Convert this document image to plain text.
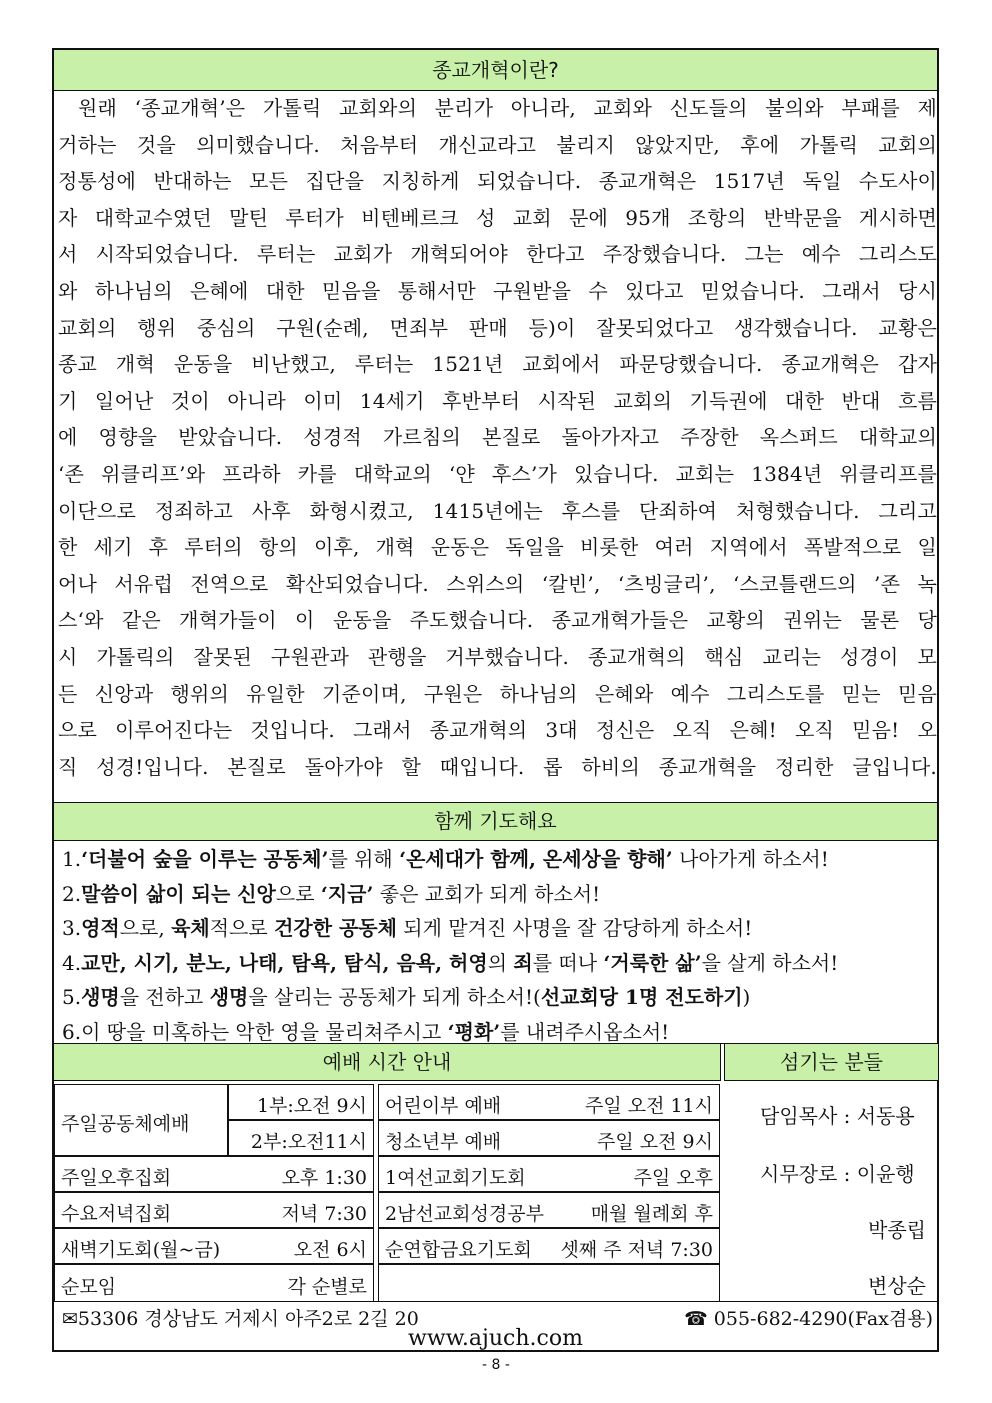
종교개혁이란?
원래 ‘종교개혁’은 가톨릭 교회와의 분리가 아니라, 교회와 신도들의 불의와 부패를 제
거하는 것을 의미했습니다. 처음부터 개신교라고 불리지 않았지만, 후에 가톨릭 교회의
정통성에 반대하는 모든 집단을 지칭하게 되었습니다. 종교개혁은 1517년 독일 수도사이
자 대학교수였던 말틴 루터가 비텐베르크 성 교회 문에 95개 조항의 반박문을 게시하면
서 시작되었습니다. 루터는 교회가 개혁되어야 한다고 주장했습니다. 그는 예수 그리스도
와 하나님의 은혜에 대한 믿음을 통해서만 구원받을 수 있다고 믿었습니다. 그래서 당시
교회의 행위 중심의 구원(순례, 면죄부 판매 등)이 잘못되었다고 생각했습니다. 교황은
종교 개혁 운동을 비난했고, 루터는 1521년 교회에서 파문당했습니다. 종교개혁은 갑자
기 일어난 것이 아니라 이미 14세기 후반부터 시작된 교회의 기득권에 대한 반대 흐름
에 영향을 받았습니다. 성경적 가르침의 본질로 돌아가자고 주장한 옥스퍼드 대학교의
‘존 위클리프’와 프라하 카를 대학교의 ‘얀 후스’가 있습니다. 교회는 1384년 위클리프를
이단으로 정죄하고 사후 화형시켰고, 1415년에는 후스를 단죄하여 처형했습니다. 그리고
한 세기 후 루터의 항의 이후, 개혁 운동은 독일을 비롯한 여러 지역에서 폭발적으로 일
어나 서유럽 전역으로 확산되었습니다. 스위스의 ‘칼빈’, ‘츠빙글리’, ‘스코틀랜드의 ’존 녹
스‘와 같은 개혁가들이 이 운동을 주도했습니다. 종교개혁가들은 교황의 권위는 물론 당
시 가톨릭의 잘못된 구원관과 관행을 거부했습니다. 종교개혁의 핵심 교리는 성경이 모
든 신앙과 행위의 유일한 기준이며, 구원은 하나님의 은혜와 예수 그리스도를 믿는 믿음
으로 이루어진다는 것입니다. 그래서 종교개혁의 3대 정신은 오직 은혜! 오직 믿음! 오
직 성경!입니다. 본질로 돌아가야 할 때입니다. 롭 하비의 종교개혁을 정리한 글입니다.
함께 기도해요
1.‘더불어 숲을 이루는 공동체’를 위해 ‘온세대가 함께, 온세상을 향해’ 나아가게 하소서!
2.말씀이 삶이 되는 신앙으로 ‘지금’ 좋은 교회가 되게 하소서!
3.영적으로, 육체적으로 건강한 공동체 되게 맡겨진 사명을 잘 감당하게 하소서!
4.교만, 시기, 분노, 나태, 탐욕, 탐식, 음욕, 허영의 죄를 떠나 ‘거룩한 삶’을 살게 하소서!
5.생명을 전하고 생명을 살리는 공동체가 되게 하소서!(선교회당 1명 전도하기)
6.이 땅을 미혹하는 악한 영을 물리쳐주시고 ‘평화’를 내려주시옵소서!
예배 시간 안내	섬기는 분들
주일공동체예배
1부:오전 9시
2부:오전11시
주일오후집회	오후 1:30
수요저녁집회	저녁 7:30
새벽기도회(월~금)	오전 6시
순모임	각 순별로
어린이부 예배	주일 오전 11시
청소년부 예배	주일 오전 9시
1여선교회기도회	주일 오후
2남선교회성경공부 매월 월례회 후
순연합금요기도회 셋째 주 저녁 7:30
담임목사 : 서동용
시무장로 : 이윤행
박종립
변상순
✉53306 경상남도 거제시 아주2로 2길 20	☎ 055-682-4290(Fax겸용)
www.ajuch.com
- 8 -
